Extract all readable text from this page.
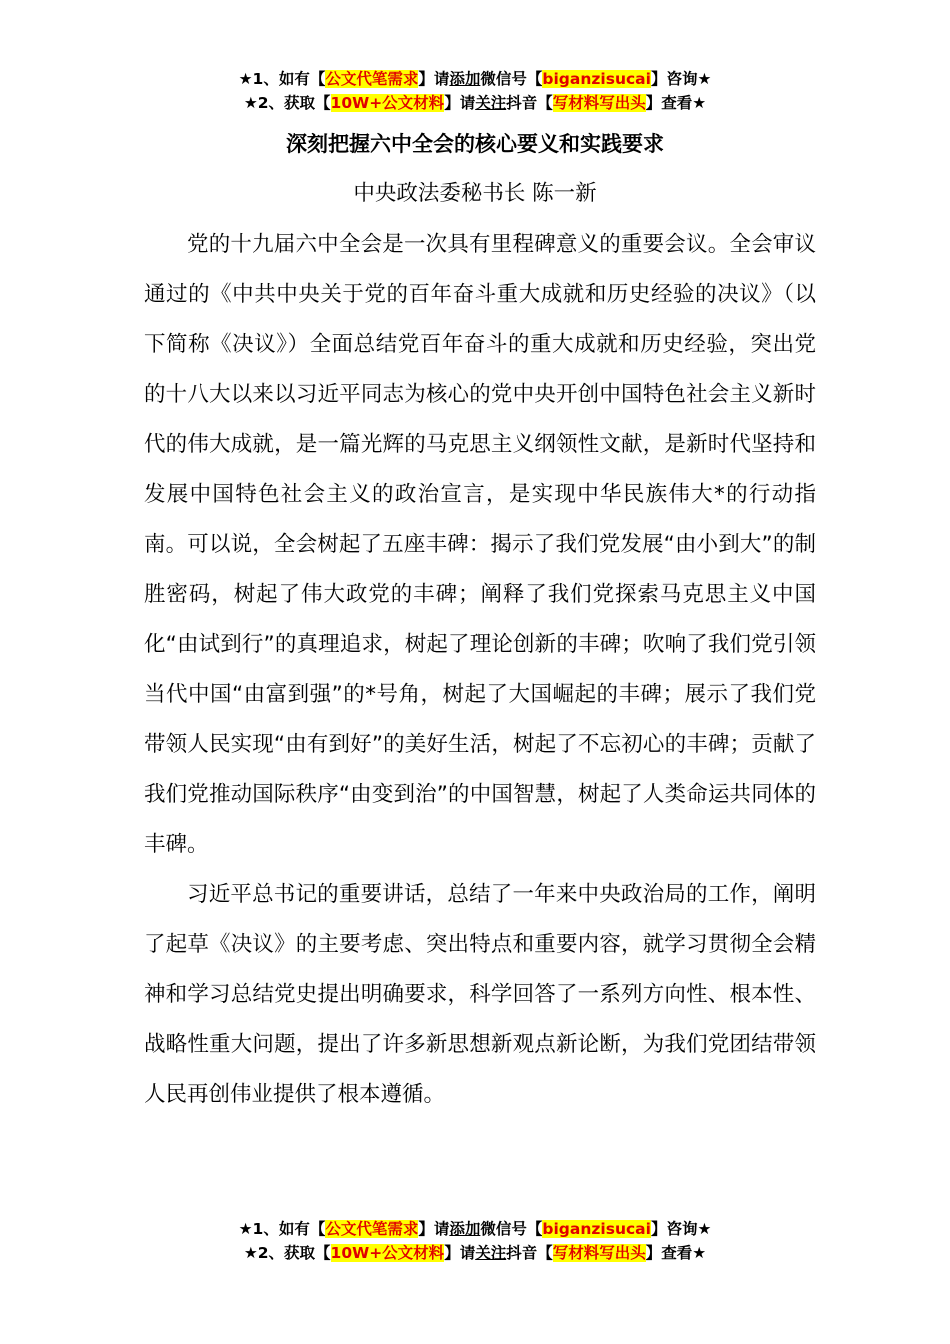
★1、如有【公文代笔需求】请添加微信号【biganzisucai】咨询★
★2、获取【10W+公文材料】请关注抖音【写材料写出头】查看★
深刻把握六中全会的核心要义和实践要求
中央政法委秘书长 陈一新

党的十九届六中全会是一次具有里程碑意义的重要会议。全会审议通过的《中共中央关于党的百年奋斗重大成就和历史经验的决议》（以下简称《决议》）全面总结党百年奋斗的重大成就和历史经验，突出党的十八大以来以习近平同志为核心的党中央开创中国特色社会主义新时代的伟大成就，是一篇光辉的马克思主义纲领性文献，是新时代坚持和发展中国特色社会主义的政治宣言，是实现中华民族伟大*的行动指南。可以说，全会树起了五座丰碑：揭示了我们党发展“由小到大”的制胜密码，树起了伟大政党的丰碑；阐释了我们党探索马克思主义中国化“由试到行”的真理追求，树起了理论创新的丰碑；吹响了我们党引领当代中国“由富到强”的*号角，树起了大国崛起的丰碑；展示了我们党带领人民实现“由有到好”的美好生活，树起了不忘初心的丰碑；贡献了我们党推动国际秩序“由变到治”的中国智慧，树起了人类命运共同体的丰碑。

习近平总书记的重要讲话，总结了一年来中央政治局的工作，阐明了起草《决议》的主要考虑、突出特点和重要内容，就学习贯彻全会精神和学习总结党史提出明确要求，科学回答了一系列方向性、根本性、战略性重大问题，提出了许多新思想新观点新论断，为我们党团结带领人民再创伟业提供了根本遵循。

★1、如有【公文代笔需求】请添加微信号【biganzisucai】咨询★
★2、获取【10W+公文材料】请关注抖音【写材料写出头】查看★
